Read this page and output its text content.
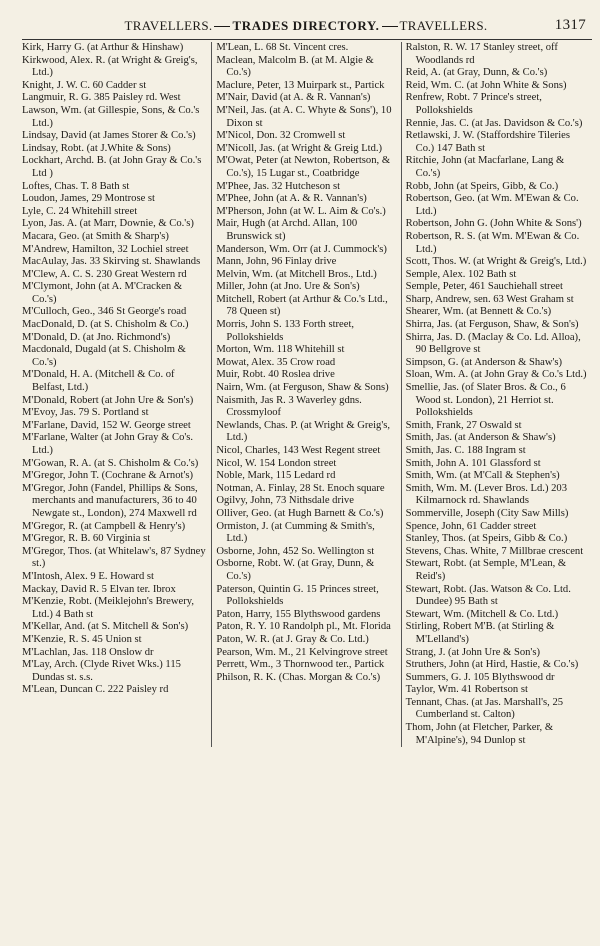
TRAVELLERS. TRADES DIRECTORY. TRAVELLERS.	1317
Kirk, Harry G. (at Arthur & Hinshaw)
Kirkwood, Alex. R. (at Wright & Greig's, Ltd.)
Knight, J. W. C. 60 Cadder st
Langmuir, R. G. 385 Paisley rd. West
Lawson, Wm. (at Gillespie, Sons, & Co.'s Ltd.)
Lindsay, David (at James Storer & Co.'s)
Lindsay, Robt. (at J.White & Sons)
Lockhart, Archd. B. (at John Gray & Co.'s Ltd )
Loftes, Chas. T. 8 Bath st
Loudon, James, 29 Montrose st
Lyle, C. 24 Whitehill street
Lyon, Jas. A. (at Marr, Downie, & Co.'s)
Macara, Geo. (at Smith & Sharp's)
M'Andrew, Hamilton, 32 Lochiel street
MacAulay, Jas. 33 Skirving st. Shawlands
M'Clew, A. C. S. 230 Great Western rd
M'Clymont, John (at A. M'Cracken & Co.'s)
M'Culloch, Geo., 346 St George's road
MacDonald, D. (at S. Chisholm & Co.)
M'Donald, D. (at Jno. Richmond's)
Macdonald, Dugald (at S. Chisholm & Co.'s)
M'Donald, H. A. (Mitchell & Co. of Belfast, Ltd.)
M'Donald, Robert (at John Ure & Son's)
M'Evoy, Jas. 79 S. Portland st
M'Farlane, David, 152 W. George street
M'Farlane, Walter (at John Gray & Co's. Ltd.)
M'Gowan, R. A. (at S. Chisholm & Co.'s)
M'Gregor, John T. (Cochrane & Arnot's)
M'Gregor, John (Fandel, Phillips & Sons, merchants and manufacturers, 36 to 40 Newgate st., London), 274 Maxwell rd
M'Gregor, R. (at Campbell & Henry's)
M'Gregor, R. B. 60 Virginia st
M'Gregor, Thos. (at Whitelaw's, 87 Sydney st.)
M'Intosh, Alex. 9 E. Howard st
Mackay, David R. 5 Elvan ter. Ibrox
M'Kenzie, Robt. (Meiklejohn's Brewery, Ltd.) 4 Bath st
M'Kellar, And. (at S. Mitchell & Son's)
M'Kenzie, R. S. 45 Union st
M'Lachlan, Jas. 118 Onslow dr
M'Lay, Arch. (Clyde Rivet Wks.) 115 Dundas st. s.s.
M'Lean, Duncan C. 222 Paisley rd
M'Lean, L. 68 St. Vincent cres.
Maclean, Malcolm B. (at M. Algie & Co.'s)
Maclure, Peter, 13 Muirpark st., Partick
M'Nair, David (at A. & R. Vannan's)
M'Neil, Jas. (at A. C. Whyte & Sons'), 10 Dixon st
M'Nicol, Don. 32 Cromwell st
M'Nicoll, Jas. (at Wright & Greig Ltd.)
M'Owat, Peter (at Newton, Robertson, & Co.'s), 15 Lugar st., Coatbridge
M'Phee, Jas. 32 Hutcheson st
M'Phee, John (at A. & R. Vannan's)
M'Pherson, John (at W. L. Aim & Co's.)
Mair, Hugh (at Archd. Allan, 100 Brunswick st)
Manderson, Wm. Orr (at J. Cummock's)
Mann, John, 96 Finlay drive
Melvin, Wm. (at Mitchell Bros., Ltd.)
Miller, John (at Jno. Ure & Son's)
Mitchell, Robert (at Arthur & Co.'s Ltd., 78 Queen st)
Morris, John S. 133 Forth street, Pollokshields
Morton, Wm. 118 Whitehill st
Mowat, Alex. 35 Crow road
Muir, Robt. 40 Roslea drive
Nairn, Wm. (at Ferguson, Shaw & Sons)
Naismith, Jas R. 3 Waverley gdns. Crossmyloof
Newlands, Chas. P. (at Wright & Greig's, Ltd.)
Nicol, Charles, 143 West Regent street
Nicol, W. 154 London street
Noble, Mark, 115 Ledard rd
Notman, A. Finlay, 28 St. Enoch square
Ogilvy, John, 73 Nithsdale drive
Olliver, Geo. (at Hugh Barnett & Co.'s)
Ormiston, J. (at Cumming & Smith's, Ltd.)
Osborne, John, 452 So. Wellington st
Osborne, Robt. W. (at Gray, Dunn, & Co.'s)
Paterson, Quintin G. 15 Princes street, Pollokshields
Paton, Harry, 155 Blythswood gardens
Paton, R. Y. 10 Randolph pl., Mt. Florida
Paton, W. R. (at J. Gray & Co. Ltd.)
Pearson, Wm. M., 21 Kelvingrove street
Perrett, Wm., 3 Thornwood ter., Partick
Philson, R. K. (Chas. Morgan & Co.'s)
Ralston, R. W. 17 Stanley street, off Woodlands rd
Reid, A. (at Gray, Dunn, & Co.'s)
Reid, Wm. C. (at John White & Sons)
Renfrew, Robt. 7 Prince's street, Pollokshields
Rennie, Jas. C. (at Jas. Davidson & Co.'s)
Retlawski, J. W. (Staffordshire Tileries Co.) 147 Bath st
Ritchie, John (at Macfarlane, Lang & Co.'s)
Robb, John (at Speirs, Gibb, & Co.)
Robertson, Geo. (at Wm. M'Ewan & Co. Ltd.)
Robertson, John G. (John White & Sons')
Robertson, R. S. (at Wm. M'Ewan & Co. Ltd.)
Scott, Thos. W. (at Wright & Greig's, Ltd.)
Semple, Alex. 102 Bath st
Semple, Peter, 461 Sauchiehall street
Sharp, Andrew, sen. 63 West Graham st
Shearer, Wm. (at Bennett & Co.'s)
Shirra, Jas. (at Ferguson, Shaw, & Son's)
Shirra, Jas. D. (Maclay & Co. Ld. Alloa), 90 Bellgrove st
Simpson, G. (at Anderson & Shaw's)
Sloan, Wm. A. (at John Gray & Co.'s Ltd.)
Smellie, Jas. (of Slater Bros. & Co., 6 Wood st. London), 21 Herriot st. Pollokshields
Smith, Frank, 27 Oswald st
Smith, Jas. (at Anderson & Shaw's)
Smith, Jas. C. 188 Ingram st
Smith, John A. 101 Glassford st
Smith, Wm. (at M'Call & Stephen's)
Smith, Wm. M. (Lever Bros. Ld.) 203 Kilmarnock rd. Shawlands
Sommerville, Joseph (City Saw Mills)
Spence, John, 61 Cadder street
Stanley, Thos. (at Speirs, Gibb & Co.)
Stevens, Chas. White, 7 Millbrae crescent
Stewart, Robt. (at Semple, M'Lean, & Reid's)
Stewart, Robt. (Jas. Watson & Co. Ltd. Dundee) 95 Bath st
Stewart, Wm. (Mitchell & Co. Ltd.)
Stirling, Robert M'B. (at Stirling & M'Lelland's)
Strang, J. (at John Ure & Son's)
Struthers, John (at Hird, Hastie, & Co.'s)
Summers, G. J. 105 Blythswood dr
Taylor, Wm. 41 Robertson st
Tennant, Chas. (at Jas. Marshall's, 25 Cumberland st. Calton)
Thom, John (at Fletcher, Parker, & M'Alpine's), 94 Dunlop st
